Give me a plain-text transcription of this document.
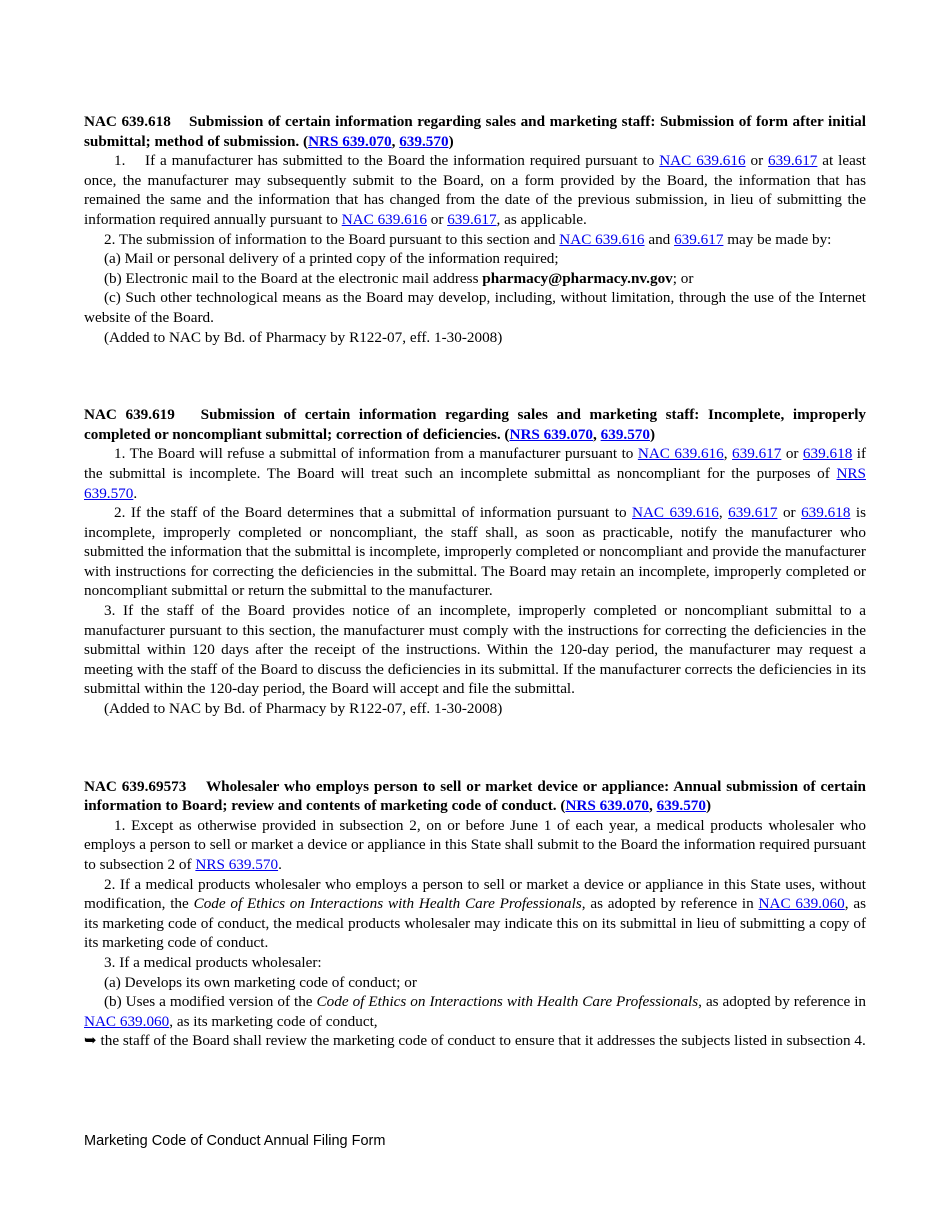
NAC 639.618 Submission of certain information regarding sales and marketing staff: Submission of form after initial submittal; method of submission. (NRS 639.070, 639.570)

1. If a manufacturer has submitted to the Board the information required pursuant to NAC 639.616 or 639.617 at least once, the manufacturer may subsequently submit to the Board, on a form provided by the Board, the information that has remained the same and the information that has changed from the date of the previous submission, in lieu of submitting the information required annually pursuant to NAC 639.616 or 639.617, as applicable.

2. The submission of information to the Board pursuant to this section and NAC 639.616 and 639.617 may be made by:

(a) Mail or personal delivery of a printed copy of the information required;

(b) Electronic mail to the Board at the electronic mail address pharmacy@pharmacy.nv.gov; or

(c) Such other technological means as the Board may develop, including, without limitation, through the use of the Internet website of the Board.

(Added to NAC by Bd. of Pharmacy by R122-07, eff. 1-30-2008)

NAC 639.619 Submission of certain information regarding sales and marketing staff: Incomplete, improperly completed or noncompliant submittal; correction of deficiencies. (NRS 639.070, 639.570)

1. The Board will refuse a submittal of information from a manufacturer pursuant to NAC 639.616, 639.617 or 639.618 if the submittal is incomplete. The Board will treat such an incomplete submittal as noncompliant for the purposes of NRS 639.570.

2. If the staff of the Board determines that a submittal of information pursuant to NAC 639.616, 639.617 or 639.618 is incomplete, improperly completed or noncompliant, the staff shall, as soon as practicable, notify the manufacturer who submitted the information that the submittal is incomplete, improperly completed or noncompliant and provide the manufacturer with instructions for correcting the deficiencies in the submittal. The Board may retain an incomplete, improperly completed or noncompliant submittal or return the submittal to the manufacturer.

3. If the staff of the Board provides notice of an incomplete, improperly completed or noncompliant submittal to a manufacturer pursuant to this section, the manufacturer must comply with the instructions for correcting the deficiencies in the submittal within 120 days after the receipt of the instructions. Within the 120-day period, the manufacturer may request a meeting with the staff of the Board to discuss the deficiencies in its submittal. If the manufacturer corrects the deficiencies in its submittal within the 120-day period, the Board will accept and file the submittal.

(Added to NAC by Bd. of Pharmacy by R122-07, eff. 1-30-2008)

NAC 639.69573 Wholesaler who employs person to sell or market device or appliance: Annual submission of certain information to Board; review and contents of marketing code of conduct. (NRS 639.070, 639.570)

1. Except as otherwise provided in subsection 2, on or before June 1 of each year, a medical products wholesaler who employs a person to sell or market a device or appliance in this State shall submit to the Board the information required pursuant to subsection 2 of NRS 639.570.

2. If a medical products wholesaler who employs a person to sell or market a device or appliance in this State uses, without modification, the Code of Ethics on Interactions with Health Care Professionals, as adopted by reference in NAC 639.060, as its marketing code of conduct, the medical products wholesaler may indicate this on its submittal in lieu of submitting a copy of its marketing code of conduct.

3. If a medical products wholesaler:

(a) Develops its own marketing code of conduct; or

(b) Uses a modified version of the Code of Ethics on Interactions with Health Care Professionals, as adopted by reference in NAC 639.060, as its marketing code of conduct,

➥ the staff of the Board shall review the marketing code of conduct to ensure that it addresses the subjects listed in subsection 4.

Marketing Code of Conduct Annual Filing Form
